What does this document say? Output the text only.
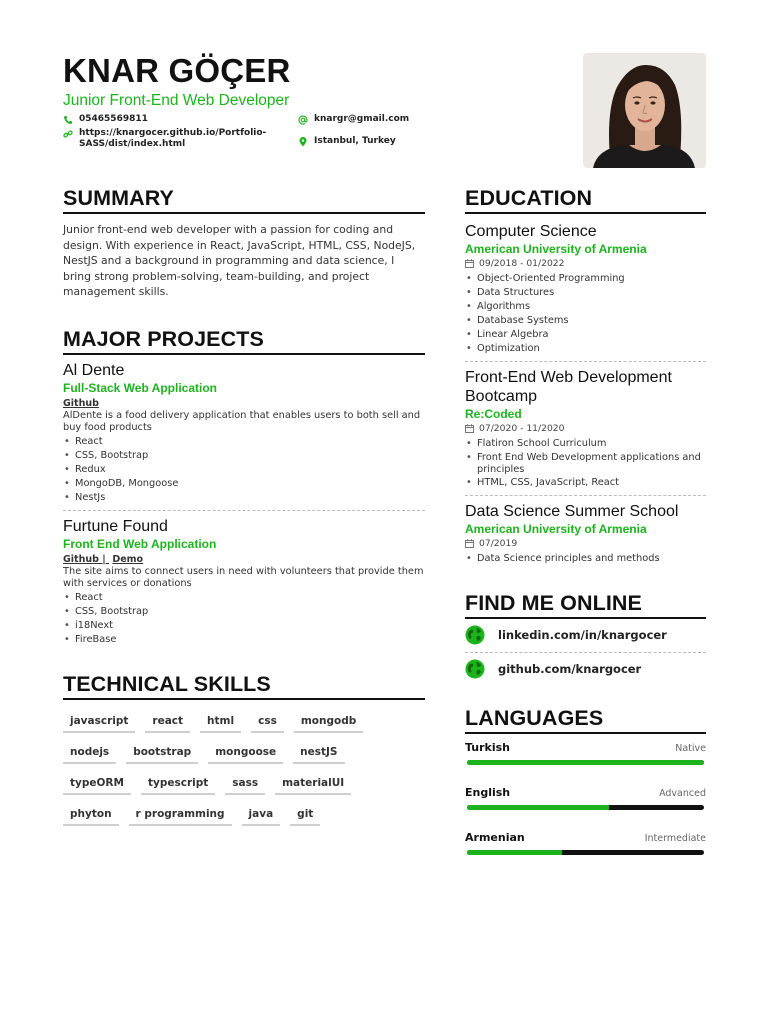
KNAR GÖÇER
Junior Front-End Web Developer
05465569811
https://knargocer.github.io/Portfolio-SASS/dist/index.html
knargr@gmail.com
Istanbul, Turkey
SUMMARY
Junior front-end web developer with a passion for coding and design. With experience in React, JavaScript, HTML, CSS, NodeJS, NestJS and a background in programming and data science, I bring strong problem-solving, team-building, and project management skills.
MAJOR PROJECTS
Al Dente
Full-Stack Web Application
Github
AlDente is a food delivery application that enables users to both sell and buy food products
• React
• CSS, Bootstrap
• Redux
• MongoDB, Mongoose
• NestJs
Furtune Found
Front End Web Application
Github |  Demo
The site aims to connect users in need with volunteers that provide them with services or donations
• React
• CSS, Bootstrap
• i18Next
• FireBase
TECHNICAL SKILLS
javascript	react	html	css	mongodb
nodejs	bootstrap	mongoose	nestJS
typeORM	typescript	sass	materialUI
phyton	r programming	java	git
EDUCATION
Computer Science
American University of Armenia
09/2018 - 01/2022
• Object-Oriented Programming
• Data Structures
• Algorithms
• Database Systems
• Linear Algebra
• Optimization
Front-End Web Development Bootcamp
Re:Coded
07/2020 - 11/2020
• Flatiron School Curriculum
• Front End Web Development applications and principles
• HTML, CSS, JavaScript, React
Data Science Summer School
American University of Armenia
07/2019
• Data Science principles and methods
FIND ME ONLINE
linkedin.com/in/knargocer
github.com/knargocer
LANGUAGES
Turkish	Native
English	Advanced
Armenian	Intermediate
